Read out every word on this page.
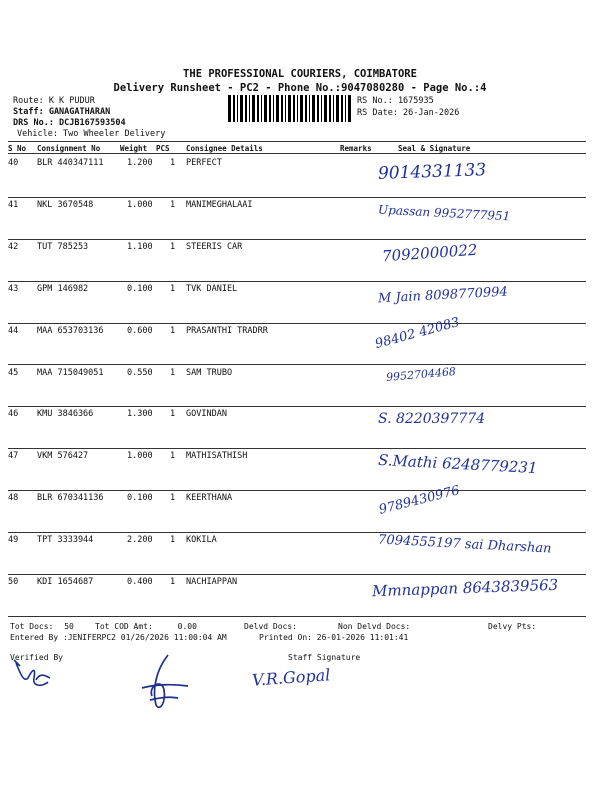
THE PROFESSIONAL COURIERS, COIMBATORE
Delivery Runsheet - PC2 - Phone No.:9047080280 - Page No.:4
Route: K K PUDUR
Staff: GANAGATHARAN
DRS No.: DCJB167593504
Vehicle: Two Wheeler Delivery
RS No.: 1675935
RS Date: 26-Jan-2026
S No Consignment No	Weight PCS Consignee Details	Remarks	Seal & Signature
40 BLR 440347111	1.200 1 PERFECT	9014331133
41 NKL 3670548	1.000 1 MANIMEGHALAAI	Upassan 9952777951
42 TUT 785253	1.100 1 STEERIS CAR	7092000022
43 GPM 146982	0.100 1 TVK DANIEL	M Jain 8098770994
44 MAA 653703136	0.600 1 PRASANTHI TRADRR	98402 42083
45 MAA 715049051	0.550 1 SAM TRUBO	9952704468
46 KMU 3846366	1.300 1 GOVINDAN	S. 8220397774
47 VKM 576427	1.000 1 MATHISATHISH	S.Mathi 6248779231
48 BLR 670341136	0.100 1 KEERTHANA	9789430976
49 TPT 3333944	2.200 1 KOKILA	7094555197 sai Dharshan
50 KDI 1654687	0.400 1 NACHIAPPAN	Mmnappan 8643839563
Tot Docs: 50	Tot COD Amt:	0.00	Delvd Docs:	Non Delvd Docs:	Delvy Pts:
Entered By :JENIFERPC2 01/26/2026 11:00:04 AM	Printed On: 26-01-2026 11:01:41
Verified By	Staff Signature
V.R.Gopal
